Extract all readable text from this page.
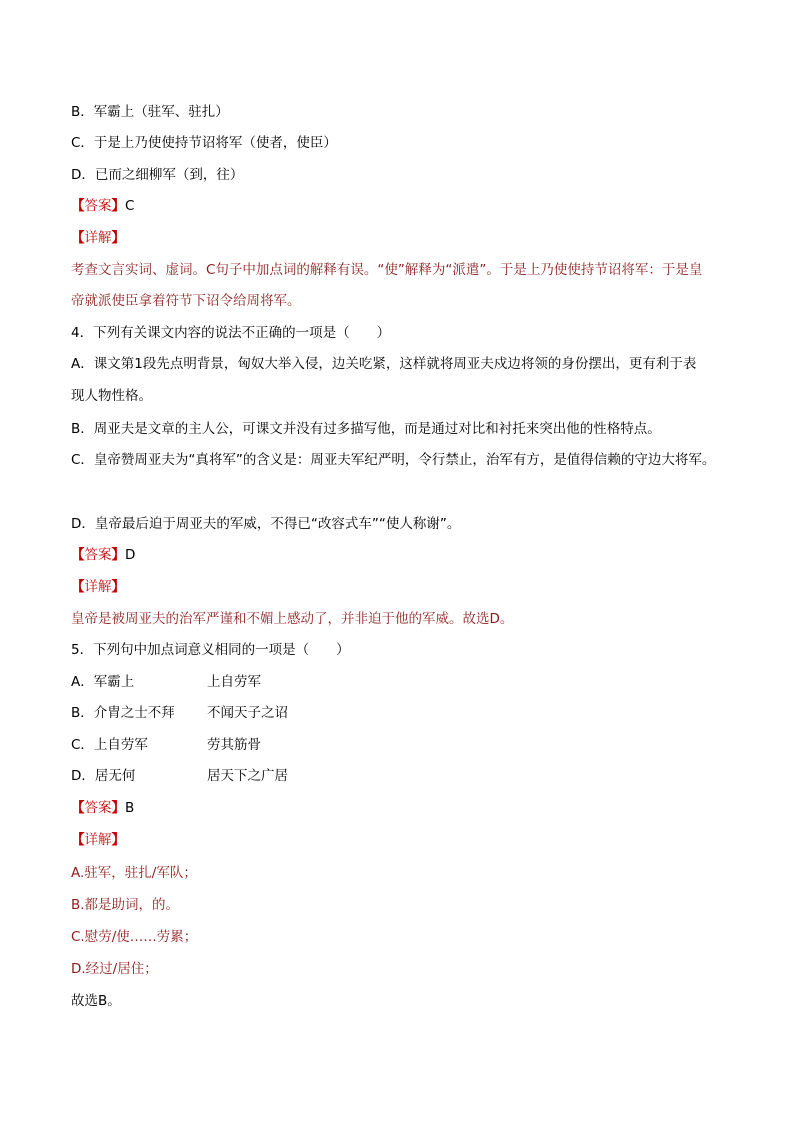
B．军霸上（驻军、驻扎）
C．于是上乃使使持节诏将军（使者，使臣）
D．已而之细柳军（到，往）
【答案】C
【详解】
考查文言实词、虚词。C句子中加点词的解释有误。“使”解释为“派遣”。于是上乃使使持节诏将军：于是皇
帝就派使臣拿着符节下诏令给周将军。
4．下列有关课文内容的说法不正确的一项是（　　）
A．课文第1段先点明背景，匈奴大举入侵，边关吃紧，这样就将周亚夫戍边将领的身份摆出，更有利于表
现人物性格。
B．周亚夫是文章的主人公，可课文并没有过多描写他，而是通过对比和衬托来突出他的性格特点。
C．皇帝赞周亚夫为“真将军”的含义是：周亚夫军纪严明，令行禁止，治军有方，是值得信赖的守边大将军。
D．皇帝最后迫于周亚夫的军威，不得已“改容式车”“使人称谢”。
【答案】D
【详解】
皇帝是被周亚夫的治军严谨和不媚上感动了，并非迫于他的军威。故选D。
5．下列句中加点词意义相同的一项是（　　）
A．军霸上	上自劳军
B．介胄之士不拜 不闻天子之诏
C．上自劳军	劳其筋骨
D．居无何	居天下之广居
【答案】B
【详解】
A.驻军，驻扎/军队；
B.都是助词，的。
C.慰劳/使……劳累；
D.经过/居住；
故选B。
